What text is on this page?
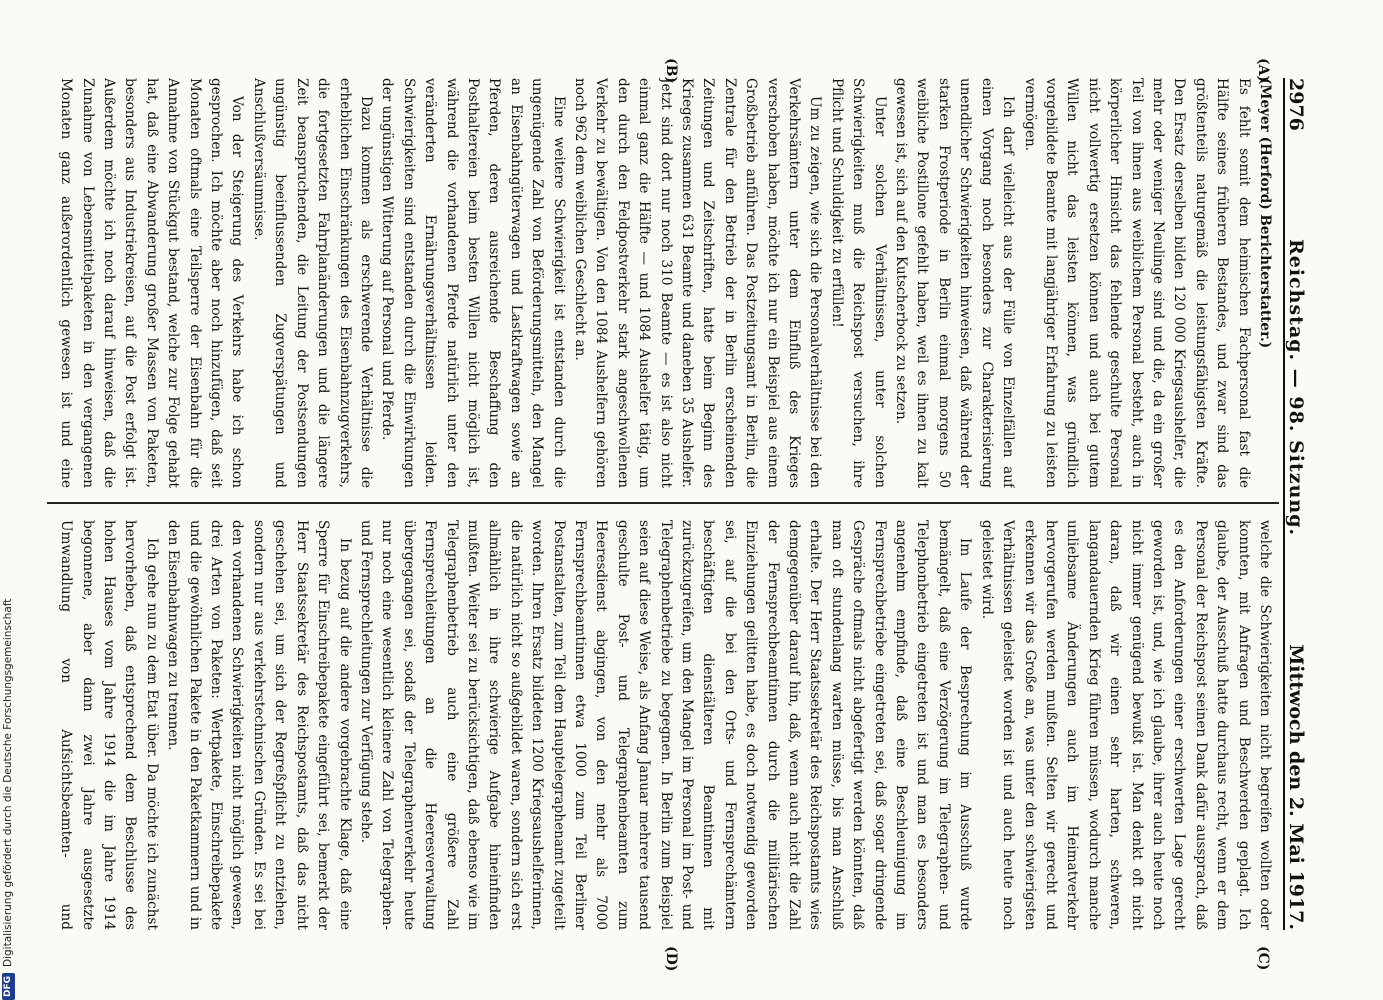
2976
Reichstag. — 98. Sitzung.
Mittwoch den 2. Mai 1917.
(A)
(B)
(C)
(D)

(Meyer (Herford) Berichterstatter.)

Es fehlt somit dem heimischen Fachpersonal fast die Hälfte seines früheren Bestandes, und zwar sind das größtenteils naturgemäß die leistungsfähigsten Kräfte. Den Ersatz derselben bilden 120 000 Kriegsaushelfer, die mehr oder weniger Neulinge sind und die, da ein großer Teil von ihnen aus weiblichem Personal besteht, auch in körperlicher Hinsicht das fehlende geschulte Personal nicht vollwertig ersetzen können und auch bei gutem Willen nicht das leisten können, was gründlich vorgebildete Beamte mit langjähriger Erfahrung zu leisten vermögen.

Ich darf vielleicht aus der Fülle von Einzelfällen auf einen Vorgang noch besonders zur Charakterisierung unendlicher Schwierigkeiten hinweisen, daß während der starken Frostperiode in Berlin einmal morgens 50 weibliche Postillone gefehlt haben, weil es ihnen zu kalt gewesen ist, sich auf den Kutscherbock zu setzen.

Unter solchen Verhältnissen, unter solchen Schwierigkeiten muß die Reichspost versuchen, ihre Pflicht und Schuldigkeit zu erfüllen!

Um zu zeigen, wie sich die Personalverhältnisse bei den Verkehrsämtern unter dem Einfluß des Krieges verschoben haben, möchte ich nur ein Beispiel aus einem Großbetrieb anführen. Das Postzeitungsamt in Berlin, die Zentrale für den Betrieb der in Berlin erscheinenden Zeitungen und Zeitschriften, hatte beim Beginn des Krieges zusammen 631 Beamte und daneben 35 Aushelfer. Jetzt sind dort nur noch 310 Beamte — es ist also nicht einmal ganz die Hälfte — und 1084 Aushelfer tätig, um den durch den Feldpostverkehr stark angeschwollenen Verkehr zu bewältigen. Von den 1084 Aushelfern gehören noch 962 dem weiblichen Geschlecht an.

Eine weitere Schwierigkeit ist entstanden durch die ungenügende Zahl von Beförderungsmitteln, den Mangel an Eisenbahngüterwagen und Lastkraftwagen sowie an Pferden, deren ausreichende Beschaffung den Posthaltereien beim besten Willen nicht möglich ist, während die vorhandenen Pferde natürlich unter den veränderten Ernährungsverhältnissen leiden. Schwierigkeiten sind entstanden durch die Einwirkungen der ungünstigen Witterung auf Personal und Pferde.

Dazu kommen als erschwerende Verhältnisse die erheblichen Einschränkungen des Eisenbahnzugverkehrs, die fortgesetzten Fahrplanänderungen und die längere Zeit beanspruchenden, die Leitung der Postsendungen ungünstig beeinflussenden Zugverspätungen und Anschlußversäumnisse.

Von der Steigerung des Verkehrs habe ich schon gesprochen. Ich möchte aber noch hinzufügen, daß seit Monaten oftmals eine Teilsperre der Eisenbahn für die Annahme von Stückgut bestand, welche zur Folge gehabt hat, daß eine Abwanderung großer Massen von Paketen, besonders aus Industriekreisen, auf die Post erfolgt ist. Außerdem möchte ich noch darauf hinweisen, daß die Zunahme von Lebensmittelpaketen in den vergangenen Monaten ganz außerordentlich gewesen ist und eine

welche die Schwierigkeiten nicht begreifen wollten oder konnten, mit Anfragen und Beschwerden geplagt. Ich glaube, der Ausschuß hatte durchaus recht, wenn er dem Personal der Reichspost seinen Dank dafür aussprach, daß es den Anforderungen einer erschwerten Lage gerecht geworden ist, und, wie ich glaube, ihrer auch heute noch nicht immer genügend bewußt ist. Man denkt oft nicht daran, daß wir einen sehr harten, schweren, langandauernden Krieg führen müssen, wodurch manche unliebsame Änderungen auch im Heimatverkehr hervorgerufen werden mußten. Selten wir gerecht und erkennen wir das Große an, was unter den schwierigsten Verhältnissen geleistet worden ist und auch heute noch geleistet wird.

Im Laufe der Besprechung im Ausschuß wurde bemängelt, daß eine Verzögerung im Telegraphen- und Telephonbetrieb eingetreten ist und man es besonders angenehm empfinde, daß eine Beschleunigung im Fernsprechbetriebe eingetreten sei, daß sogar dringende Gespräche oftmals nicht abgefertigt werden könnten, daß man oft stundenlang warten müsse, bis man Anschluß erhalte. Der Herr Staatssekretär des Reichspostamts wies demgegenüber darauf hin, daß, wenn auch nicht die Zahl der Fernsprechbeamtinnen durch die militärischen Einziehungen gelitten habe, es doch notwendig geworden sei, auf die bei den Orts- und Fernsprechämtern beschäftigten dienstälteren Beamtinnen mit zurückzugreifen, um den Mangel im Personal im Post- und Telegraphenbetriebe zu begegnen. In Berlin zum Beispiel seien auf diese Weise, als Anfang Januar mehrere tausend geschulte Post- und Telegraphenbeamten zum Heeresdienst abgingen, von den mehr als 7000 Fernsprechbeamtinnen etwa 1000 zum Teil Berliner Postanstalten, zum Teil dem Hauptelegraphenamt zugeteilt worden. Ihren Ersatz bildeten 1200 Kriegsaushelferinnen, die natürlich nicht so außgebildet waren, sondern sich erst allmählich in ihre schwierige Aufgabe hineinfinden mußten. Weiter sei zu berücksichtigen, daß ebenso wie im Telegraphenbetrieb auch eine größere Zahl Fernsprechleitungen an die Heeresverwaltung übergegangen sei, sodaß der Telegraphenverkehr heute nur noch eine wesentlich kleinere Zahl von Telegraphen- und Fernsprechleitungen zur Verfügung stehe.

In bezug auf die andere vorgebrachte Klage, daß eine Sperre für Einschreibepakete eingeführt sei, bemerkt der Herr Staatssekretär des Reichspostamts, daß das nicht geschehen sei, um sich der Regreßpflicht zu entziehen, sondern nur aus verkehrstechnischen Gründen. Es sei bei den vorhandenen Schwierigkeiten nicht möglich gewesen, drei Arten von Paketen: Wertpakete, Einschreibepakete und die gewöhnlichen Pakete in den Paketkammern und in den Eisenbahnwagen zu trennen.

Ich gehe nun zu dem Etat über. Da möchte ich zunächst hervorheben, daß entsprechend dem Beschlusse des hohen Hauses vom Jahre 1914 die im Jahre 1914 begonnene, aber dann zwei Jahre ausgesetzte Umwandlung von Aufsichtsbeamten- und

DFG
Digitalisierung gefördert durch die Deutsche Forschungsgemeinschaft
